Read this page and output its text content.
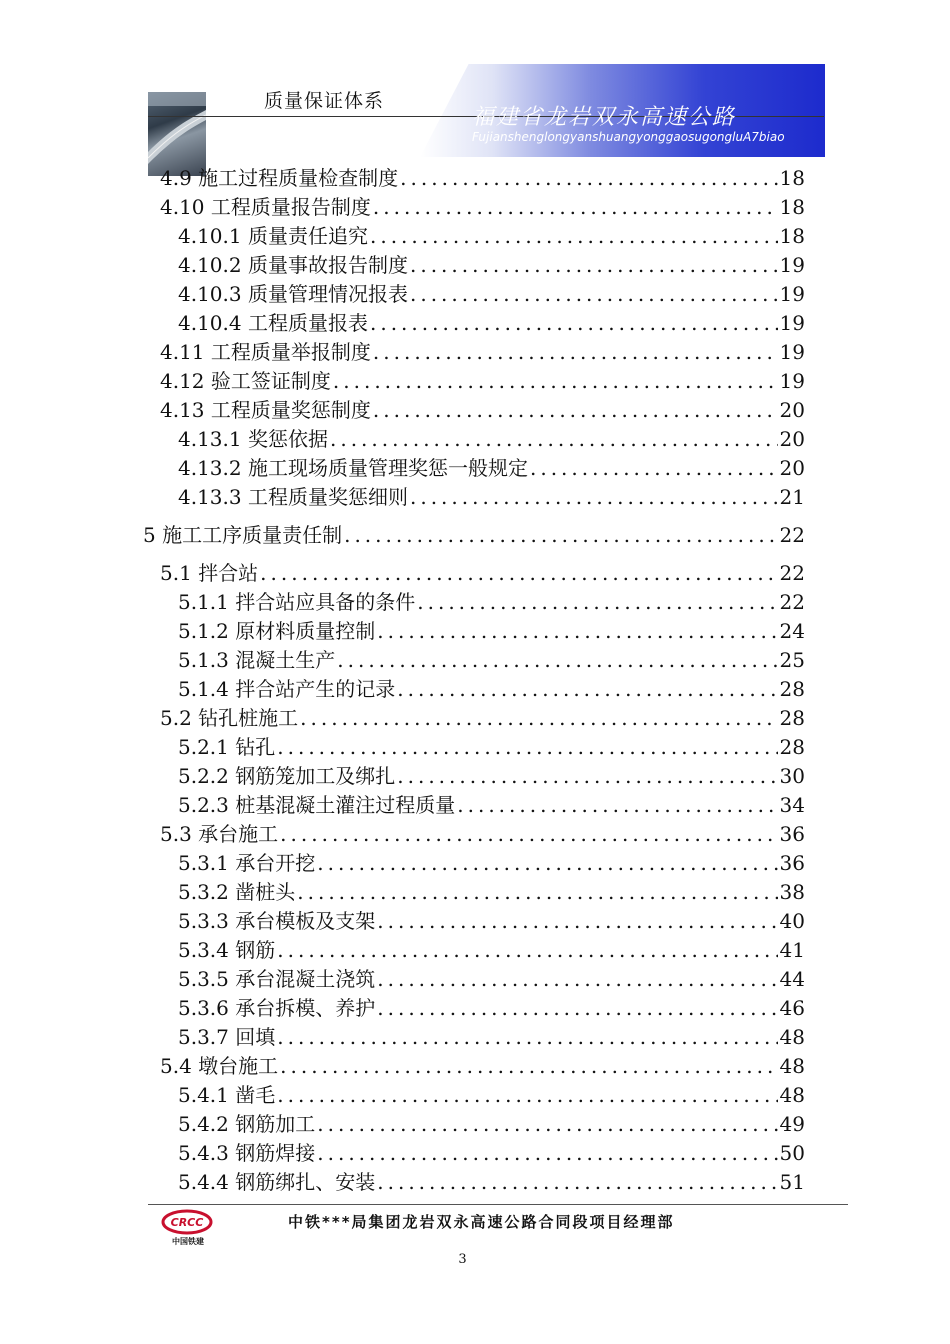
质量保证体系
福建省龙岩双永高速公路
FujianshenglongyanshuangyonggaosugongluA7biao
4.9 施工过程质量检查制度 .....	18
4.10 工程质量报告制度 .....	18
4.10.1 质量责任追究 .....	18
4.10.2 质量事故报告制度 .....	19
4.10.3 质量管理情况报表 .....	19
4.10.4 工程质量报表 .....	19
4.11 工程质量举报制度 .....	19
4.12 验工签证制度 .....	19
4.13 工程质量奖惩制度 .....	20
4.13.1 奖惩依据 .....	20
4.13.2 施工现场质量管理奖惩一般规定 .....	20
4.13.3 工程质量奖惩细则 .....	21
5 施工工序质量责任制 .....	22
5.1 拌合站 .....	22
5.1.1 拌合站应具备的条件 .....	22
5.1.2 原材料质量控制 .....	24
5.1.3 混凝土生产 .....	25
5.1.4 拌合站产生的记录 .....	28
5.2 钻孔桩施工 .....	28
5.2.1 钻孔 .....	28
5.2.2 钢筋笼加工及绑扎 .....	30
5.2.3 桩基混凝土灌注过程质量 .....	34
5.3 承台施工 .....	36
5.3.1 承台开挖 .....	36
5.3.2 凿桩头 .....	38
5.3.3 承台模板及支架 .....	40
5.3.4 钢筋 .....	41
5.3.5 承台混凝土浇筑 .....	44
5.3.6 承台拆模、养护 .....	46
5.3.7 回填 .....	48
5.4 墩台施工 .....	48
5.4.1 凿毛 .....	48
5.4.2 钢筋加工 .....	49
5.4.3 钢筋焊接 .....	50
5.4.4 钢筋绑扎、安装 .....	51
CRCC
中国铁建
中铁***局集团龙岩双永高速公路合同段项目经理部
3
